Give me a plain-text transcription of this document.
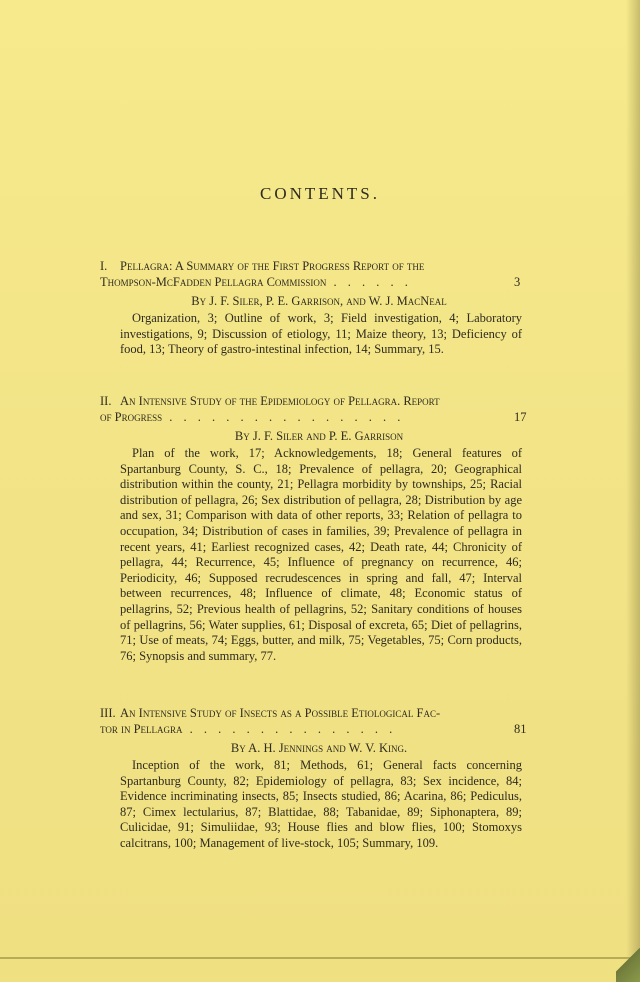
CONTENTS.
I. Pellagra: A Summary of the First Progress Report of the
Thompson-McFadden Pellagra Commission . . . . . .	3
By J. F. Siler, P. E. Garrison, and W. J. MacNeal
Organization, 3; Outline of work, 3; Field investigation, 4; Laboratory investigations, 9; Discussion of etiology, 11; Maize theory, 13; Deficiency of food, 13; Theory of gastro-intestinal infection, 14; Summary, 15.
II. An Intensive Study of the Epidemiology of Pellagra. Report
of Progress . . . . . . . . . . . . . . . . .	17
By J. F. Siler and P. E. Garrison
Plan of the work, 17; Acknowledgements, 18; General features of Spartanburg County, S. C., 18; Prevalence of pellagra, 20; Geographical distribution within the county, 21; Pellagra morbidity by townships, 25; Racial distribution of pellagra, 26; Sex distribution of pellagra, 28; Distribution by age and sex, 31; Comparison with data of other reports, 33; Relation of pellagra to occupation, 34; Distribution of cases in families, 39; Prevalence of pellagra in recent years, 41; Earliest recognized cases, 42; Death rate, 44; Chronicity of pellagra, 44; Recurrence, 45; Influence of pregnancy on recurrence, 46; Periodicity, 46; Supposed recrudescences in spring and fall, 47; Interval between recurrences, 48; Influence of climate, 48; Economic status of pellagrins, 52; Previous health of pellagrins, 52; Sanitary conditions of houses of pellagrins, 56; Water supplies, 61; Disposal of excreta, 65; Diet of pellagrins, 71; Use of meats, 74; Eggs, butter, and milk, 75; Vegetables, 75; Corn products, 76; Synopsis and summary, 77.
III. An Intensive Study of Insects as a Possible Etiological Fac-
tor in Pellagra . . . . . . . . . . . . . . .	81
By A. H. Jennings and W. V. King.
Inception of the work, 81; Methods, 61; General facts concerning Spartanburg County, 82; Epidemiology of pellagra, 83; Sex incidence, 84; Evidence incriminating insects, 85; Insects studied, 86; Acarina, 86; Pediculus, 87; Cimex lectularius, 87; Blattidae, 88; Tabanidae, 89; Siphonaptera, 89; Culicidae, 91; Simuliidae, 93; House flies and blow flies, 100; Stomoxys calcitrans, 100; Management of live-stock, 105; Summary, 109.
